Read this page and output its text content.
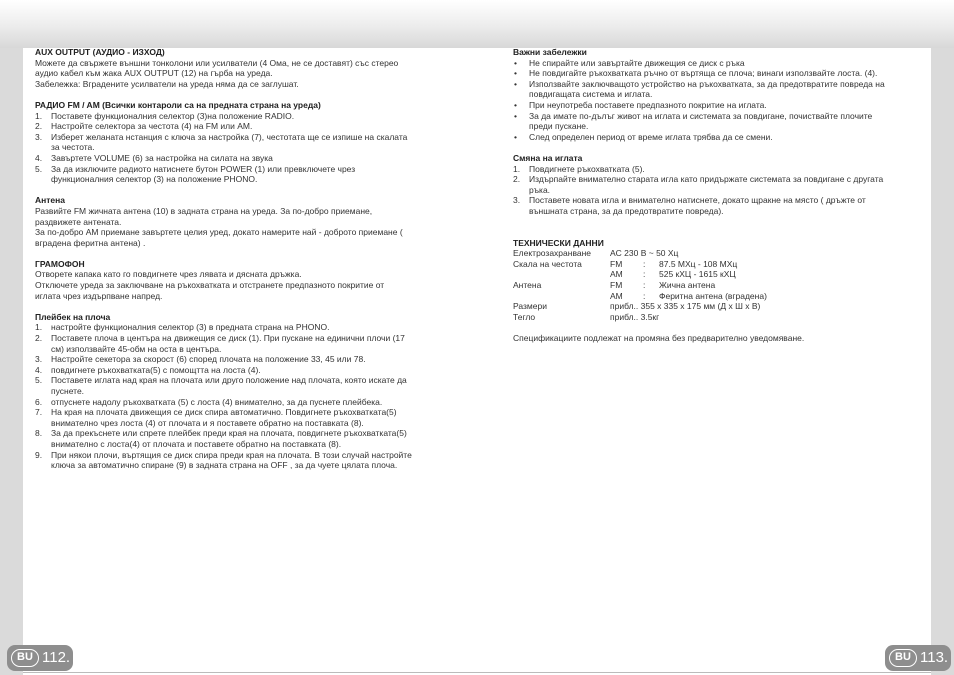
AUX OUTPUT (АУДИО - ИЗХОД)

Можете да свържете външни тонколони или усилватели (4 Ома, не се доставят) със стерео

аудио кабел към жака AUX OUTPUT (12) на гърба на уреда.

Забележка: Вградените усилватели на уреда няма да се заглушат.

РАДИО FM / AM (Всички контароли са на предната страна на уреда)
1. Поставете функционалния селектор (3)на положение RADIO.
2. Настройте селектора за честота (4) на FM или AM.
3. Изберет желаната нстанция с ключа за настройка (7), честотата ще се изпише на скалата
за честота.
4. Завъртете VOLUME (6) за настройка на силата на звука
5. За да изключите радиото натиснете бутон POWER (1) или превключете чрез
функционалния селектор (3) на положение PHONO.
Антена

Развийте FM жичната антена (10) в задната страна на уреда. За по-добро приемане,

раздвижете антената.

За по-добро AM приемане завъртете целия уред, докато намерите най - доброто приемане (

вградена феритна антена) .

ГРАМОФОН

Отворете капака като го повдигнете чрез лявата и дясната дръжка.

Отключете уреда за заключване на ръкохватката и отстранете предпазното покритие от

иглата чрез издърпване напред.

Плейбек на плоча
1. настройте функционалния селектор (3) в предната страна на PHONO.
2. Поставете плоча в центъра на движещия се диск (1). При пускане на единични плочи (17
см) използвайте 45-обм на оста в центъра.
3. Настройте секетора за скорост (6) според плочата на положение 33, 45 или 78.
4. повдигнете ръкохватката(5) с помощтта на лоста (4).
5. Поставете иглата над края на плочата или друго положение над плочата, която искате да
пуснете.
6. отпуснете надолу ръкохватката (5) с лоста (4) внимателно, за да пуснете плейбека.
7. На края на плочата движещия се диск спира автоматично. Повдигнете ръкохватката(5)
внимателно чрез лоста (4) от плочата и я поставете обратно на поставката (8).
8. За да прекъснете или спрете плейбек преди края на плочата, повдигнете ръкохватката(5)
внимателно с лоста(4) от плочата и поставете обратно на поставката (8).
9. При някои плочи, въртящия се диск спира преди края на плочата. В този случай настройте
ключа за автоматично спиране (9) в задната страна на OFF , за да чуете цялата плоча.
Важни забележки
• Не спирайте или завъртайте движещия се диск с ръка
• Не повдигайте ръкохватката ръчно от въртяща се плоча; винаги използвайте лоста. (4).
• Използвайте заключващото устройство на ръкохватката, за да предотвратите повреда на
повдигащата система и иглата.
• При неупотреба поставете предпазното покритие на иглата.
• За да имате по-дълъг живот на иглата и системата за повдигане, почиствайте плочите
преди пускане.
• След определен период от време иглата трябва да се смени.
Смяна на иглата
1. Повдигнете ръкохватката (5).
2. Издърпайте внимателно старата игла като придържате системата за повдигане с другата
ръка.
3. Поставете новата игла и внимателно натиснете, докато щракне на място ( дръжте от
външната страна, за да предотвратите повреда).
ТЕХНИЧЕСКИ ДАННИ
Електрозахранване	AC 230 В ~ 50 Хц
Скала на честота	FM	:	87.5 МХц - 108 МХц
AM	:	525 кХЦ - 1615 кХЦ
Антена	FM	:	Жична антена
AM	:	Феритна антена (вградена)
Размери	прибл.. 355 x 335 x 175 мм (Д x Ш x В)
Тегло	прибл.. 3.5кг

Спецификациите подлежат на промяна без предварително уведомяване.

BU 112.	BU 113.
